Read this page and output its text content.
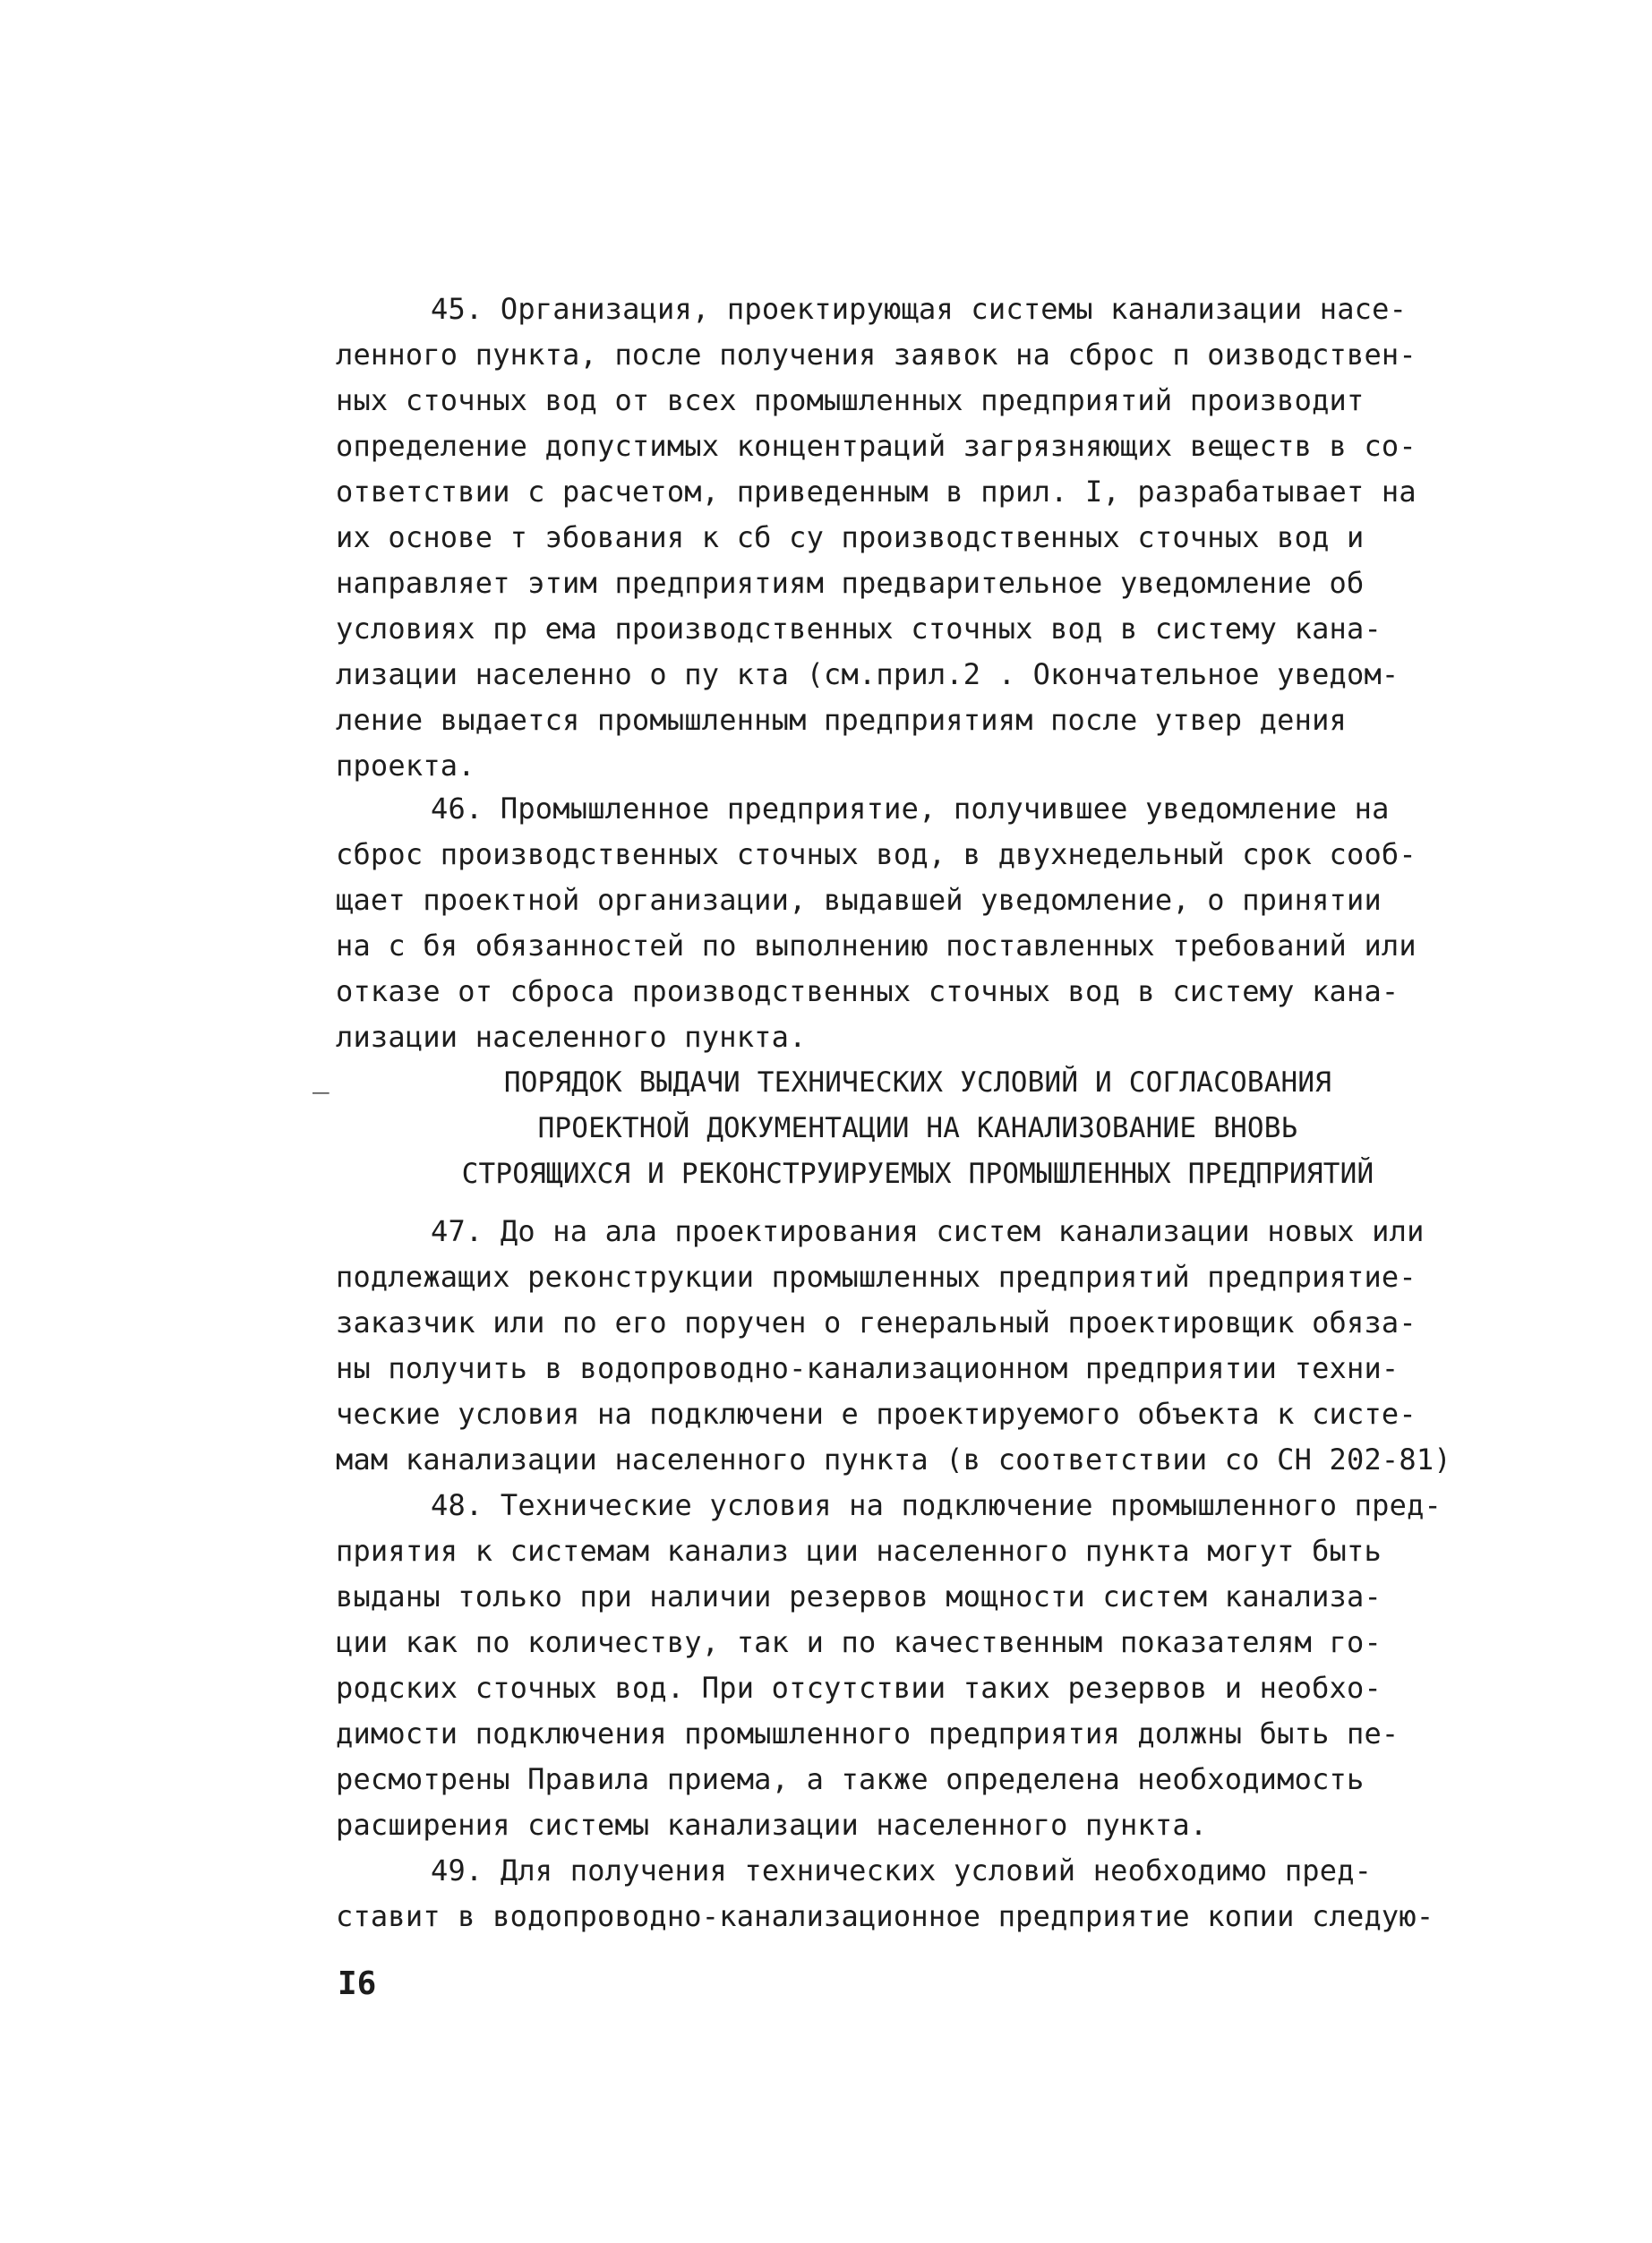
45. Организация, проектирующая системы канализации насе-
ленного пункта, после получения заявок на сброс п оизводствен-
ных сточных вод от всех промышленных предприятий производит
определение допустимых концентраций загрязняющих веществ в со-
ответствии с расчетом, приведенным в прил. I, разрабатывает на
их основе т эбования к сб су производственных сточных вод и
направляет этим предприятиям предварительное уведомление об
условиях пр ема производственных сточных вод в систему кана-
лизации населенно о пу кта (см.прил.2 . Окончательное уведом-
ление выдается промышленным предприятиям после утвер дения
проекта.
46. Промышленное предприятие, получившее уведомление на
сброс производственных сточных вод, в двухнедельный срок сооб-
щает проектной организации, выдавшей уведомление, о принятии
на с бя обязанностей по выполнению поставленных требований или
отказе от сброса производственных сточных вод в систему кана-
лизации населенного пункта.
_	ПОРЯДОК ВЫДАЧИ ТЕХНИЧЕСКИХ УСЛОВИЙ И СОГЛАСОВАНИЯ
ПРОЕКТНОЙ ДОКУМЕНТАЦИИ НА КАНАЛИЗОВАНИЕ ВНОВЬ
СТРОЯЩИХСЯ И РЕКОНСТРУИРУЕМЫХ ПРОМЫШЛЕННЫХ ПРЕДПРИЯТИЙ
47. До на ала проектирования систем канализации новых или
подлежащих реконструкции промышленных предприятий предприятие-
заказчик или по его поручен о генеральный проектировщик обяза-
ны получить в водопроводно-канализационном предприятии техни-
ческие условия на подключени е проектируемого объекта к систе-
мам канализации населенного пункта (в соответствии со СН 202-81)
48. Технические условия на подключение промышленного пред-
приятия к системам канализ ции населенного пункта могут быть
выданы только при наличии резервов мощности систем канализа-
ции как по количеству, так и по качественным показателям го-
родских сточных вод. При отсутствии таких резервов и необхо-
димости подключения промышленного предприятия должны быть пе-
ресмотрены Правила приема, а также определена необходимость
расширения системы канализации населенного пункта.
49. Для получения технических условий необходимо пред-
ставит в водопроводно-канализационное предприятие копии следую-
I6
